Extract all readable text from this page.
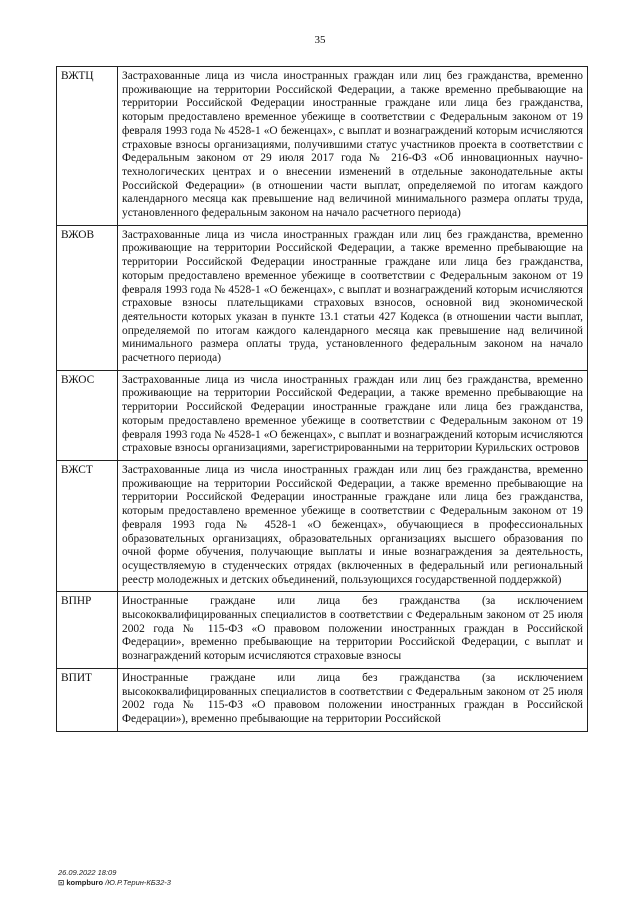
35
ВЖТЦ	Застрахованные лица из числа иностранных граждан или лиц без гражданства, временно проживающие на территории Российской Федерации, а также временно пребывающие на территории Российской Федерации иностранные граждане или лица без гражданства, которым предоставлено временное убежище в соответствии с Федеральным законом от 19 февраля 1993 года № 4528-1 «О беженцах», с выплат и вознаграждений которым исчисляются страховые взносы организациями, получившими статус участников проекта в соответствии с Федеральным законом от 29 июля 2017 года № 216-ФЗ «Об инновационных научно-технологических центрах и о внесении изменений в отдельные законодательные акты Российской Федерации» (в отношении части выплат, определяемой по итогам каждого календарного месяца как превышение над величиной минимального размера оплаты труда, установленного федеральным законом на начало расчетного периода)
ВЖОВ	Застрахованные лица из числа иностранных граждан или лиц без гражданства, временно проживающие на территории Российской Федерации, а также временно пребывающие на территории Российской Федерации иностранные граждане или лица без гражданства, которым предоставлено временное убежище в соответствии с Федеральным законом от 19 февраля 1993 года № 4528-1 «О беженцах», с выплат и вознаграждений которым исчисляются страховые взносы плательщиками страховых взносов, основной вид экономической деятельности которых указан в пункте 13.1 статьи 427 Кодекса (в отношении части выплат, определяемой по итогам каждого календарного месяца как превышение над величиной минимального размера оплаты труда, установленного федеральным законом на начало расчетного периода)
ВЖОС	Застрахованные лица из числа иностранных граждан или лиц без гражданства, временно проживающие на территории Российской Федерации, а также временно пребывающие на территории Российской Федерации иностранные граждане или лица без гражданства, которым предоставлено временное убежище в соответствии с Федеральным законом от 19 февраля 1993 года № 4528-1 «О беженцах», с выплат и вознаграждений которым исчисляются страховые взносы организациями, зарегистрированными на территории Курильских островов
ВЖСТ	Застрахованные лица из числа иностранных граждан или лиц без гражданства, временно проживающие на территории Российской Федерации, а также временно пребывающие на территории Российской Федерации иностранные граждане или лица без гражданства, которым предоставлено временное убежище в соответствии с Федеральным законом от 19 февраля 1993 года № 4528-1 «О беженцах», обучающиеся в профессиональных образовательных организациях, образовательных организациях высшего образования по очной форме обучения, получающие выплаты и иные вознаграждения за деятельность, осуществляемую в студенческих отрядах (включенных в федеральный или региональный реестр молодежных и детских объединений, пользующихся государственной поддержкой)
ВПНР	Иностранные граждане или лица без гражданства (за исключением высококвалифицированных специалистов в соответствии с Федеральным законом от 25 июля 2002 года № 115-ФЗ «О правовом положении иностранных граждан в Российской Федерации», временно пребывающие на территории Российской Федерации, с выплат и вознаграждений которым исчисляются страховые взносы
ВПИТ	Иностранные граждане или лица без гражданства (за исключением высококвалифицированных специалистов в соответствии с Федеральным законом от 25 июля 2002 года № 115-ФЗ «О правовом положении иностранных граждан в Российской Федерации»), временно пребывающие на территории Российской
26.09.2022 18:09
⊡ kompburo /Ю.Р.Терин-КБЗ2-3
